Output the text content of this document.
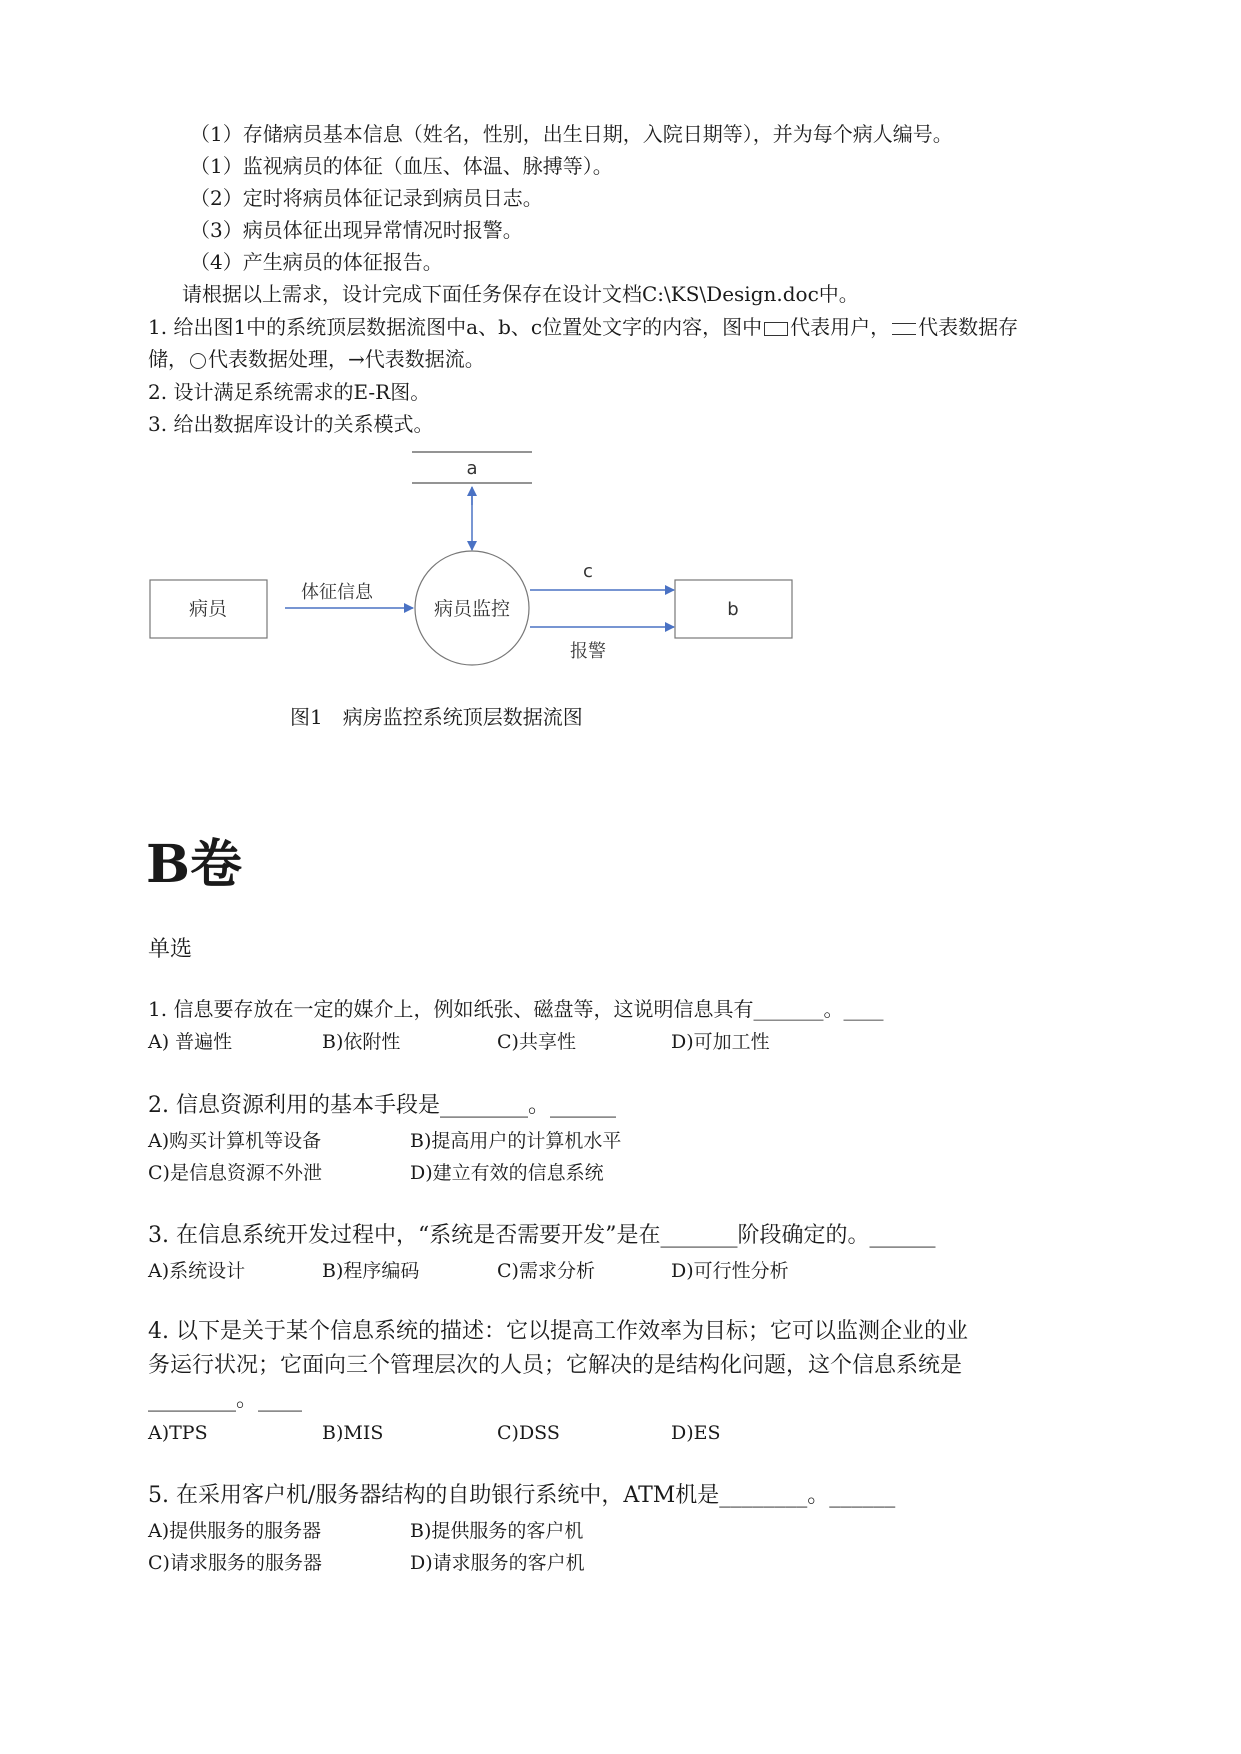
（1）存储病员基本信息（姓名，性别，出生日期，入院日期等），并为每个病人编号。
（1）监视病员的体征（血压、体温、脉搏等）。
（2）定时将病员体征记录到病员日志。
（3）病员体征出现异常情况时报警。
（4）产生病员的体征报告。
请根据以上需求，设计完成下面任务保存在设计文档C:\KS\Design.doc中。
1. 给出图1中的系统顶层数据流图中a、b、c位置处文字的内容，图中 代表用户， 代表数据存
储， 代表数据处理，→代表数据流。
2. 设计满足系统需求的E-R图。
3. 给出数据库设计的关系模式。
a
病员监控
病员
体征信息
b
c
报警
图1　病房监控系统顶层数据流图
B卷
单选
1. 信息要存放在一定的媒介上，例如纸张、磁盘等，这说明信息具有_______。____
A) 普遍性	B)依附性	C)共享性	D)可加工性
2. 信息资源利用的基本手段是________。______
A)购买计算机等设备	B)提高用户的计算机水平
C)是信息资源不外泄	D)建立有效的信息系统
3. 在信息系统开发过程中，“系统是否需要开发”是在_______阶段确定的。______
A)系统设计	B)程序编码	C)需求分析	D)可行性分析
4. 以下是关于某个信息系统的描述：它以提高工作效率为目标；它可以监测企业的业
务运行状况；它面向三个管理层次的人员；它解决的是结构化问题，这个信息系统是
________。____
A)TPS	B)MIS	C)DSS	D)ES
5. 在采用客户机/服务器结构的自助银行系统中，ATM机是________。______
A)提供服务的服务器	B)提供服务的客户机
C)请求服务的服务器	D)请求服务的客户机
